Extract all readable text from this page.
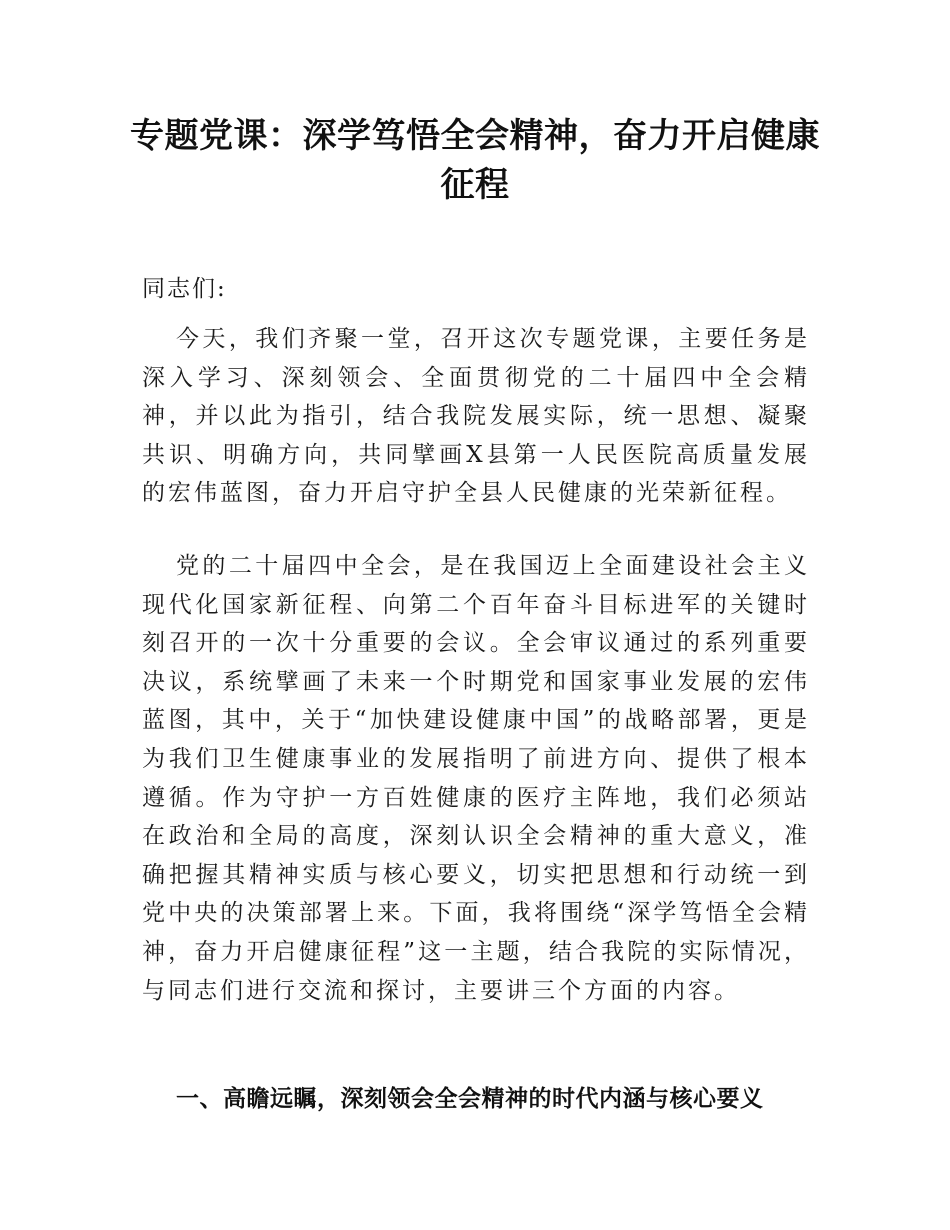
专题党课：深学笃悟全会精神，奋力开启健康征程

同志们:

今天，我们齐聚一堂，召开这次专题党课，主要任务是深入学习、深刻领会、全面贯彻党的二十届四中全会精神，并以此为指引，结合我院发展实际，统一思想、凝聚共识、明确方向，共同擘画X县第一人民医院高质量发展的宏伟蓝图，奋力开启守护全县人民健康的光荣新征程。

党的二十届四中全会，是在我国迈上全面建设社会主义现代化国家新征程、向第二个百年奋斗目标进军的关键时刻召开的一次十分重要的会议。全会审议通过的系列重要决议，系统擘画了未来一个时期党和国家事业发展的宏伟蓝图，其中，关于“加快建设健康中国”的战略部署，更是为我们卫生健康事业的发展指明了前进方向、提供了根本遵循。作为守护一方百姓健康的医疗主阵地，我们必须站在政治和全局的高度，深刻认识全会精神的重大意义，准确把握其精神实质与核心要义，切实把思想和行动统一到党中央的决策部署上来。下面，我将围绕“深学笃悟全会精神，奋力开启健康征程”这一主题，结合我院的实际情况，与同志们进行交流和探讨，主要讲三个方面的内容。

一、高瞻远瞩，深刻领会全会精神的时代内涵与核心要义
